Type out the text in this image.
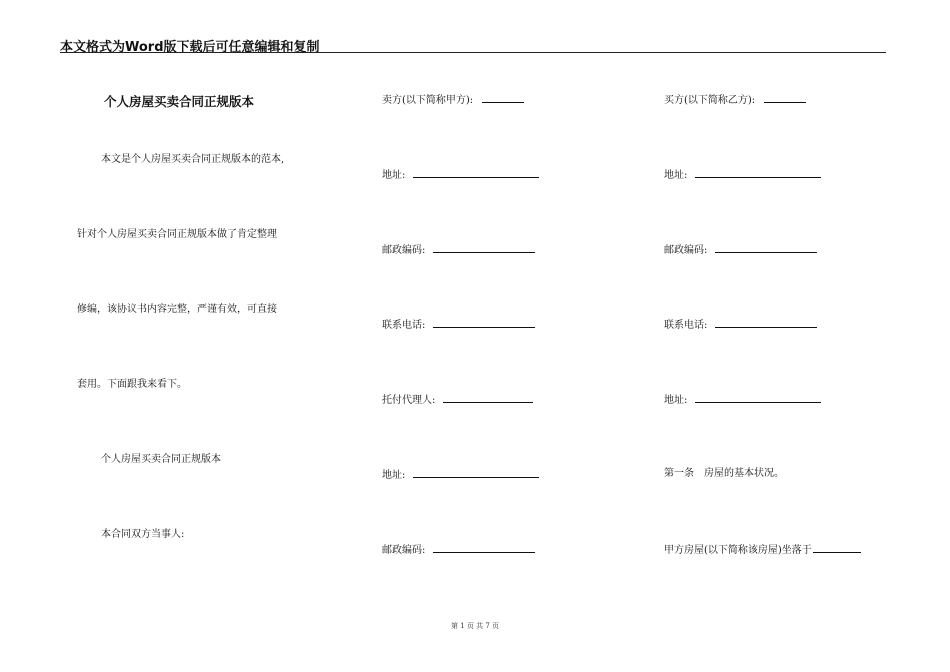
本文格式为Word版下载后可任意编辑和复制
个人房屋买卖合同正规版本
本文是个人房屋买卖合同正规版本的范本,
针对个人房屋买卖合同正规版本做了肯定整理
修编，该协议书内容完整，严谨有效，可直接
套用。下面跟我来看下。
个人房屋买卖合同正规版本
本合同双方当事人:
卖方(以下简称甲方):
地址:
邮政编码:
联系电话:
托付代理人:
地址:
邮政编码:
买方(以下简称乙方):
地址:
邮政编码:
联系电话:
地址:
第一条　房屋的基本状况。
甲方房屋(以下简称该房屋)坐落于
第 1 页 共 7 页
